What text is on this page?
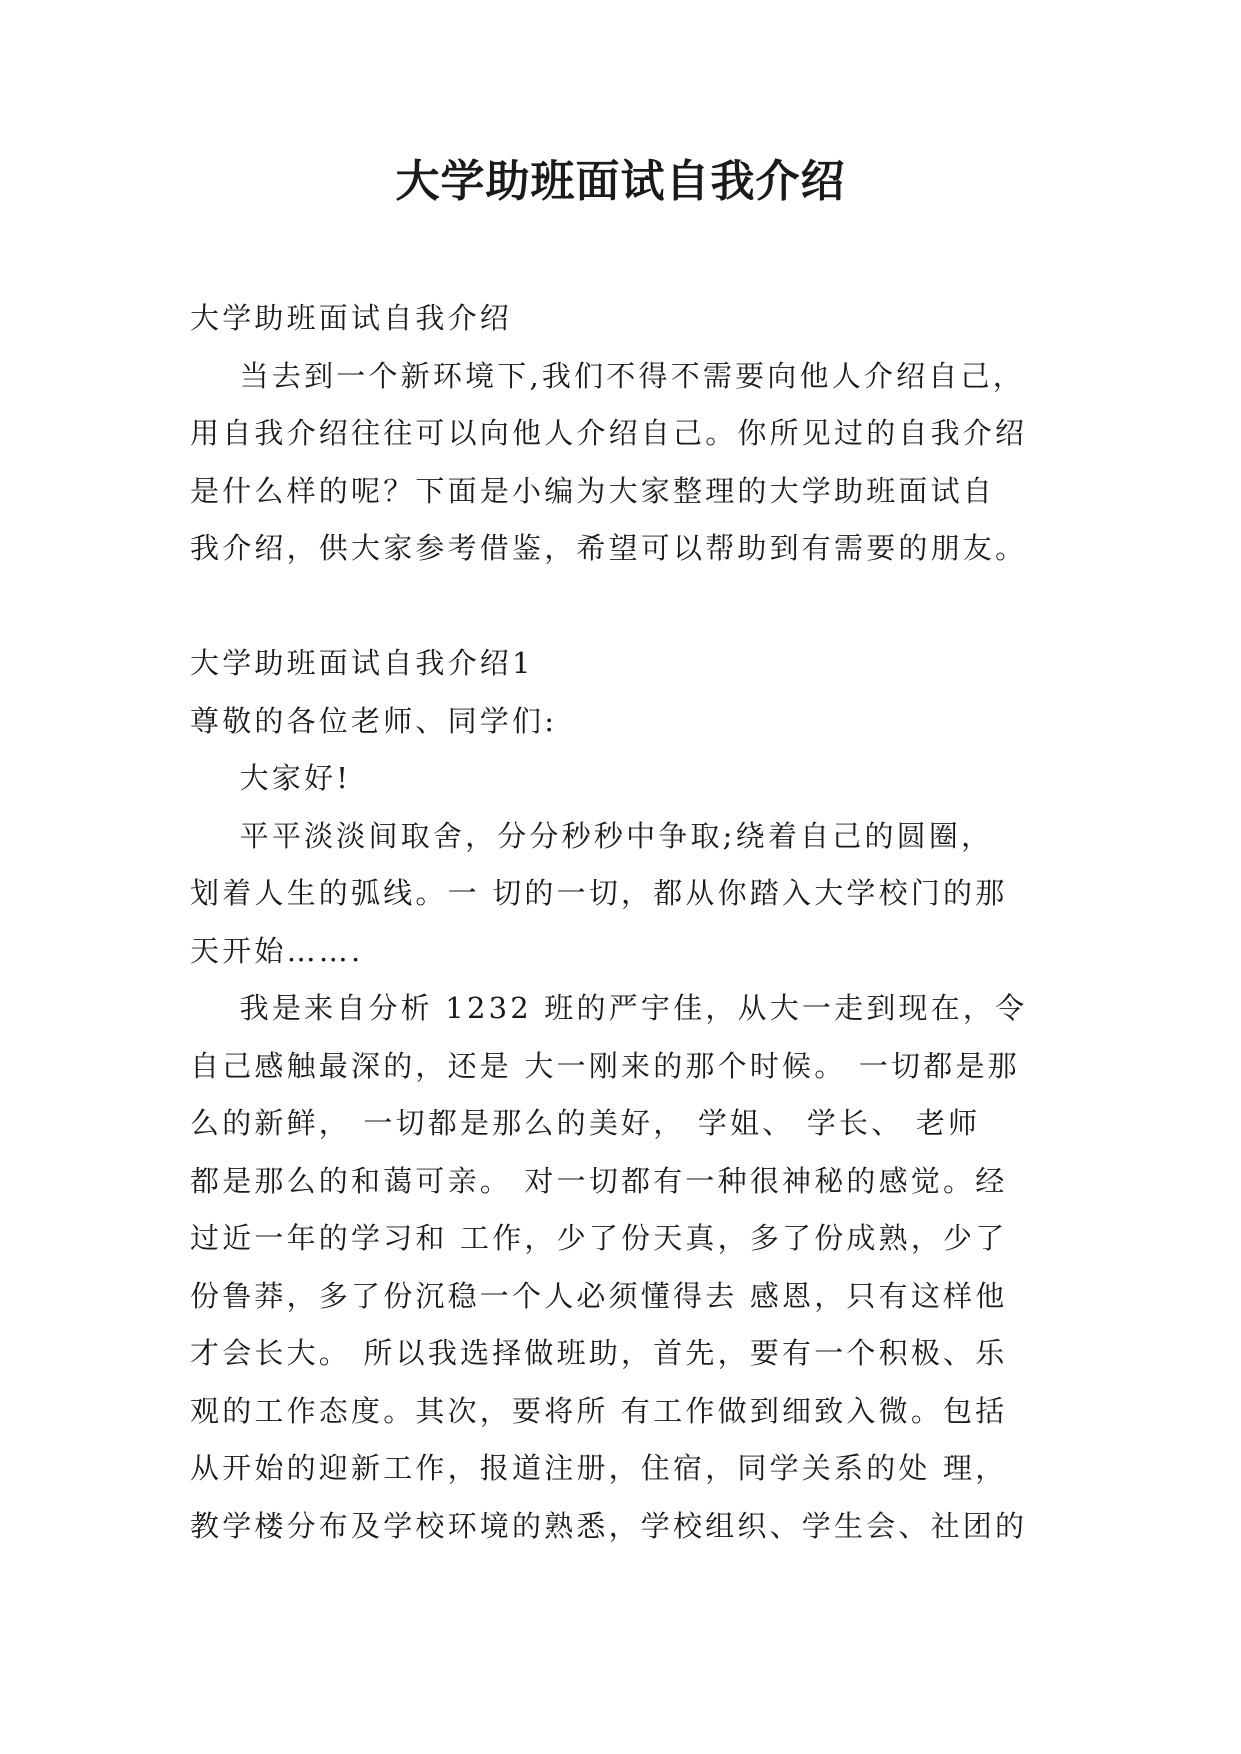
大学助班面试自我介绍
大学助班面试自我介绍
当去到一个新环境下,我们不得不需要向他人介绍自己，
用自我介绍往往可以向他人介绍自己。你所见过的自我介绍
是什么样的呢？下面是小编为大家整理的大学助班面试自
我介绍，供大家参考借鉴，希望可以帮助到有需要的朋友。
大学助班面试自我介绍1
尊敬的各位老师、同学们:
大家好!
平平淡淡间取舍，分分秒秒中争取;绕着自己的圆圈，
划着人生的弧线。一 切的一切，都从你踏入大学校门的那
天开始…….
我是来自分析 1232 班的严宇佳，从大一走到现在，令
自己感触最深的，还是 大一刚来的那个时候。 一切都是那
么的新鲜， 一切都是那么的美好， 学姐、 学长、 老师
都是那么的和蔼可亲。 对一切都有一种很神秘的感觉。经
过近一年的学习和 工作，少了份天真，多了份成熟，少了
份鲁莽，多了份沉稳一个人必须懂得去 感恩，只有这样他
才会长大。 所以我选择做班助，首先，要有一个积极、乐
观的工作态度。其次，要将所 有工作做到细致入微。包括
从开始的迎新工作，报道注册，住宿，同学关系的处 理，
教学楼分布及学校环境的熟悉，学校组织、学生会、社团的
